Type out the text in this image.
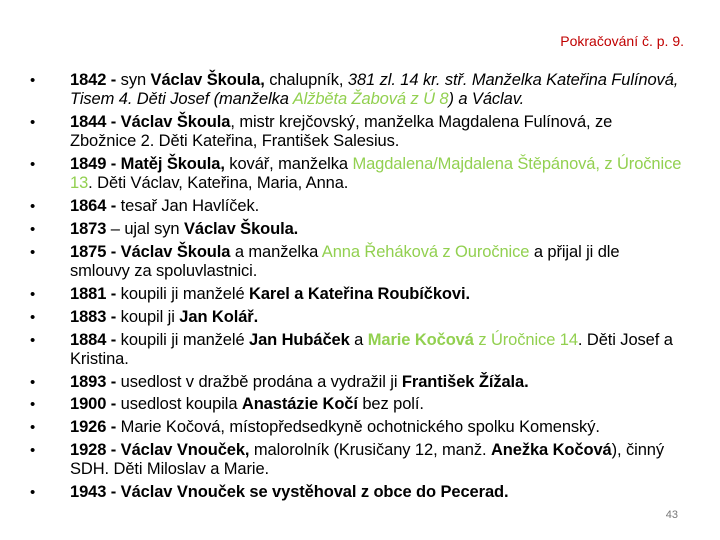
Pokračování č. p. 9.
• 1842 - syn Václav Škoula, chalupník, 381 zl. 14 kr. stř. Manželka Kateřina Fulínová, Tisem 4. Děti Josef (manželka Alžběta Žabová z Ú 8) a Václav.
• 1844 - Václav Škoula, mistr krejčovský, manželka Magdalena Fulínová, ze Zbožnice 2. Děti Kateřina, František Salesius.
• 1849 - Matěj Škoula, kovář, manželka Magdalena/Majdalena Štěpánová, z Úročnice 13. Děti Václav, Kateřina, Maria, Anna.
• 1864 - tesař Jan Havlíček.
• 1873 – ujal syn Václav Škoula.
• 1875 - Václav Škoula a manželka Anna Řeháková z Ouročnice a přijal ji dle smlouvy za spoluvlastnici.
• 1881 - koupili ji manželé Karel a Kateřina Roubíčkovi.
• 1883 - koupil ji Jan Kolář.
• 1884 - koupili ji manželé Jan Hubáček a Marie Kočová z Úročnice 14. Děti Josef a Kristina.
• 1893 - usedlost v dražbě prodána a vydražil ji František Žížala.
• 1900 - usedlost koupila Anastázie Kočí bez polí.
• 1926 - Marie Kočová, místopředsedkyně ochotnického spolku Komenský.
• 1928 - Václav Vnouček, malorolník (Krusičany 12, manž. Anežka Kočová), činný SDH. Děti Miloslav a Marie.
• 1943 - Václav Vnouček se vystěhoval z obce do Pecerad.
43
